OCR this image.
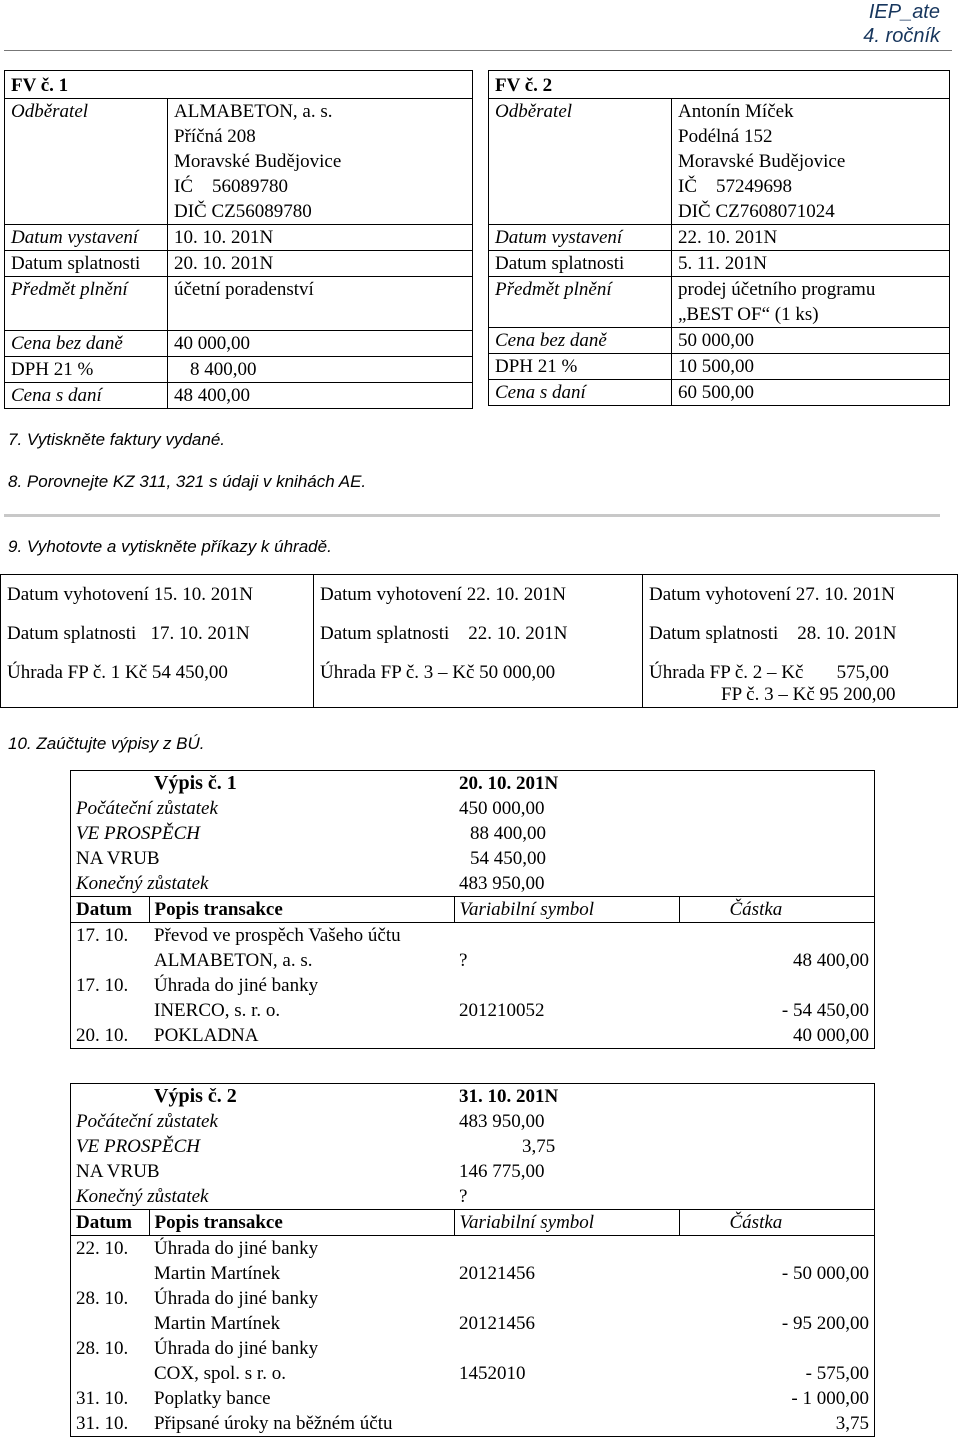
IEP_ate
4. ročník
FV č. 1	
Odběratel	ALMABETON, a. s.
Příčná 208
Moravské Budějovice
IĆ    56089780
DIČ CZ56089780

Datum vystavení	10. 10. 201N
Datum splatnosti	20. 10. 201N
Předmět plnění	účetní poradenství
Cena bez daně	40 000,00
DPH 21 %	8 400,00
Cena s daní	48 400,00
FV č. 2	
Odběratel	Antonín Míček
Podélná 152
Moravské Budějovice
IČ    57249698
DIČ CZ7608071024

Datum vystavení	22. 10. 201N
Datum splatnosti	5. 11. 201N
Předmět plnění	prodej účetního programu
„BEST OF“ (1 ks)

Cena bez daně	50 000,00
DPH 21 %	10 500,00
Cena s daní	60 500,00
7. Vytiskněte faktury vydané.
8. Porovnejte KZ 311, 321 s údaji v knihách AE.
9. Vyhotovte a vytiskněte příkazy k úhradě.
Datum vyhotovení 15. 10. 201N
Datum splatnosti   17. 10. 201N
Úhrada FP č. 1 Kč 54 450,00

Datum vyhotovení 22. 10. 201N
Datum splatnosti    22. 10. 201N
Úhrada FP č. 3 – Kč 50 000,00

Datum vyhotovení 27. 10. 201N
Datum splatnosti    28. 10. 201N
Úhrada FP č. 2 – Kč       575,00
FP č. 3 – Kč 95 200,00
10. Zaúčtujte výpisy z BÚ.
	Výpis č. 1	20. 10. 201N	
Počáteční zůstatek		450 000,00	
VE PROSPĚCH		88 400,00	
NA VRUB		54 450,00	
Konečný zůstatek		483 950,00	
Datum	Popis transakce	Variabilní symbol	Částka
17. 10.	Převod ve prospěch Vašeho účtu		
	ALMABETON, a. s.	?	48 400,00
17. 10.	Úhrada do jiné banky		
	INERCO, s. r. o.	201210052	- 54 450,00
20. 10.	POKLADNA		40 000,00
	Výpis č. 2	31. 10. 201N	
Počáteční zůstatek		483 950,00	
VE PROSPĚCH		3,75	
NA VRUB		146 775,00	
Konečný zůstatek		?	
Datum	Popis transakce	Variabilní symbol	Částka
22. 10.	Úhrada do jiné banky		
	Martin Martínek	20121456	- 50 000,00
28. 10.	Úhrada do jiné banky		
	Martin Martínek	20121456	- 95 200,00
28. 10.	Úhrada do jiné banky		
	COX, spol. s r. o.	1452010	- 575,00
31. 10.	Poplatky bance		- 1 000,00
31. 10.	Připsané úroky na běžném účtu		3,75
